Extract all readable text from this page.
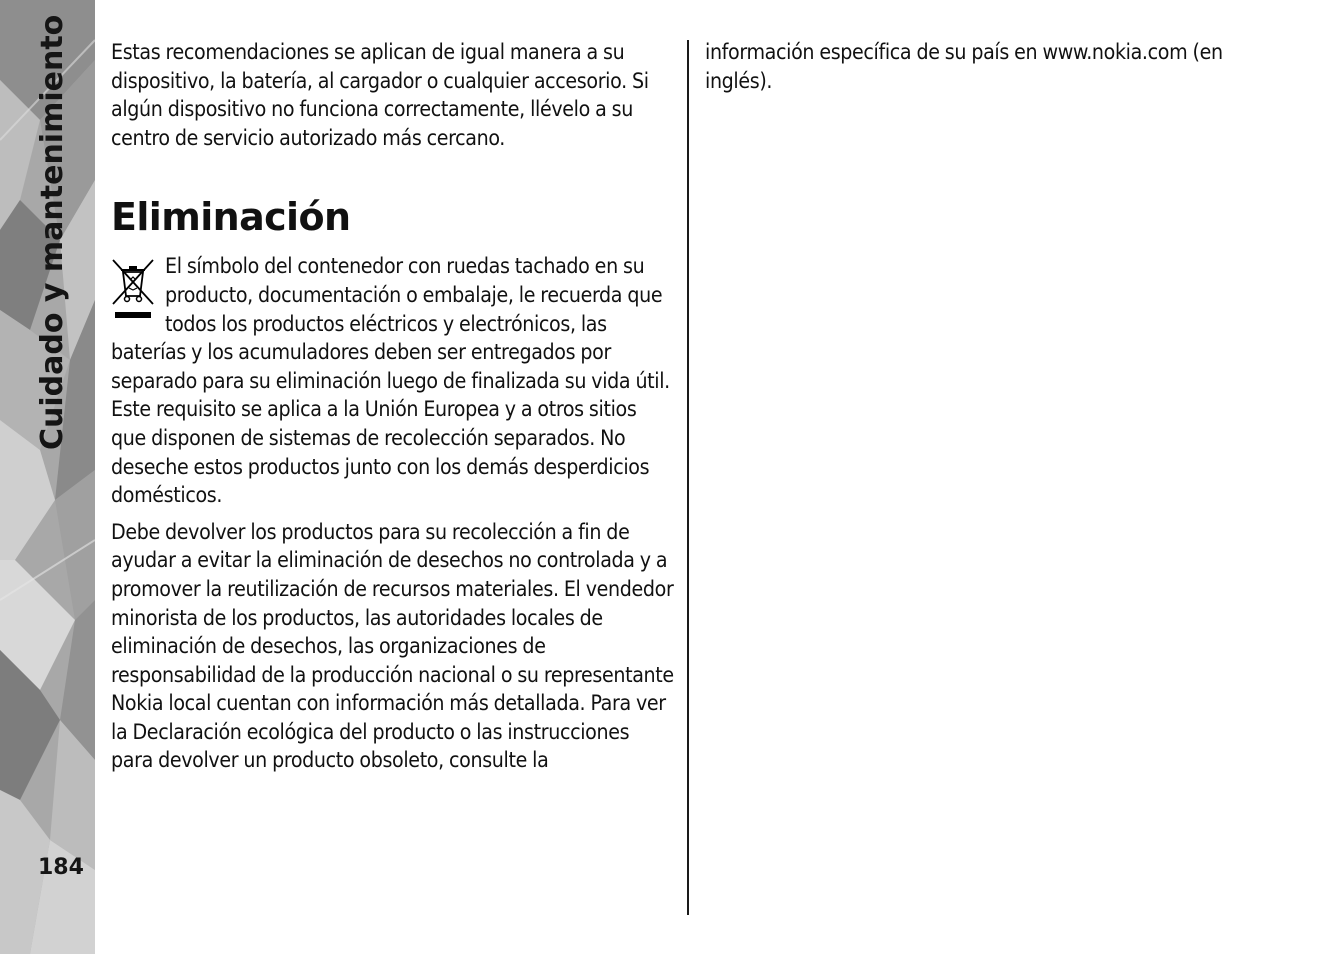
Cuidado y mantenimiento
184

Estas recomendaciones se aplican de igual manera a su dispositivo, la batería, al cargador o cualquier accesorio. Si algún dispositivo no funciona correctamente, llévelo a su centro de servicio autorizado más cercano.

Eliminación

El símbolo del contenedor con ruedas tachado en su producto, documentación o embalaje, le recuerda que todos los productos eléctricos y electrónicos, las baterías y los acumuladores deben ser entregados por separado para su eliminación luego de finalizada su vida útil. Este requisito se aplica a la Unión Europea y a otros sitios que disponen de sistemas de recolección separados. No deseche estos productos junto con los demás desperdicios domésticos.

Debe devolver los productos para su recolección a fin de ayudar a evitar la eliminación de desechos no controlada y a promover la reutilización de recursos materiales. El vendedor minorista de los productos, las autoridades locales de eliminación de desechos, las organizaciones de responsabilidad de la producción nacional o su representante Nokia local cuentan con información más detallada. Para ver la Declaración ecológica del producto o las instrucciones para devolver un producto obsoleto, consulte la

información específica de su país en www.nokia.com (en inglés).
